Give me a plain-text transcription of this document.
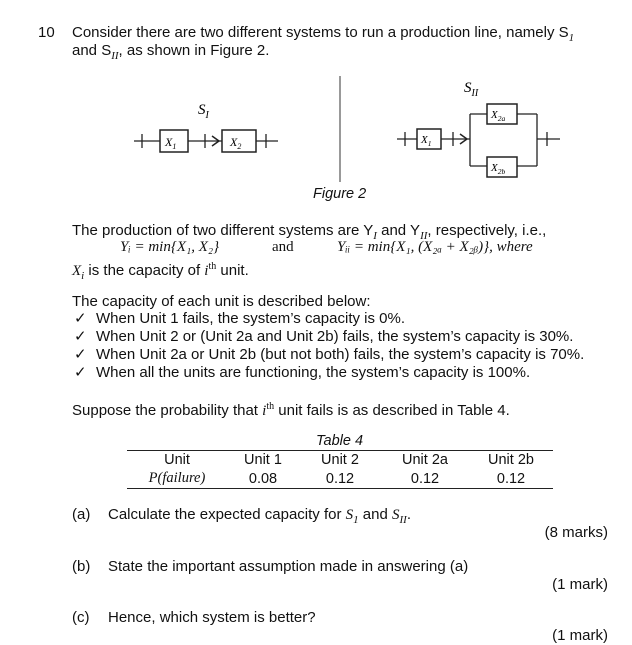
10 Consider there are two different systems to run a production line, namely $S_1$
and $S_{II}$, as shown in Figure 2.
$S_I$
$X_1$	$X_2$
$S_{II}$
$X_1$
$X_{2a}$
$X_{2b}$
Figure 2
The production of two different systems are $Y_I$ and $Y_{II}$, respectively, i.e.,
Yᵢ = min{X₁, X₂}	and	Yᵢᵢ = min{X₁, (X₂ₐ + X₂ᵦ)}, where
$X_i$ is the capacity of $i^{th}$ unit.
The capacity of each unit is described below:
✓ When Unit 1 fails, the system’s capacity is 0%.
✓ When Unit 2 or (Unit 2a and Unit 2b) fails, the system’s capacity is 30%.
✓ When Unit 2a or Unit 2b (but not both) fails, the system’s capacity is 70%.
✓ When all the units are functioning, the system’s capacity is 100%.
Suppose the probability that $i^{th}$ unit fails is as described in Table 4.
Table 4
Unit	Unit 1	Unit 2	Unit 2a	Unit 2b
P(failure)	0.08	0.12	0.12	0.12
(a) Calculate the expected capacity for $S_1$ and $S_{II}$.
(8 marks)
(b) State the important assumption made in answering (a)
(1 mark)
(c) Hence, which system is better?
(1 mark)
